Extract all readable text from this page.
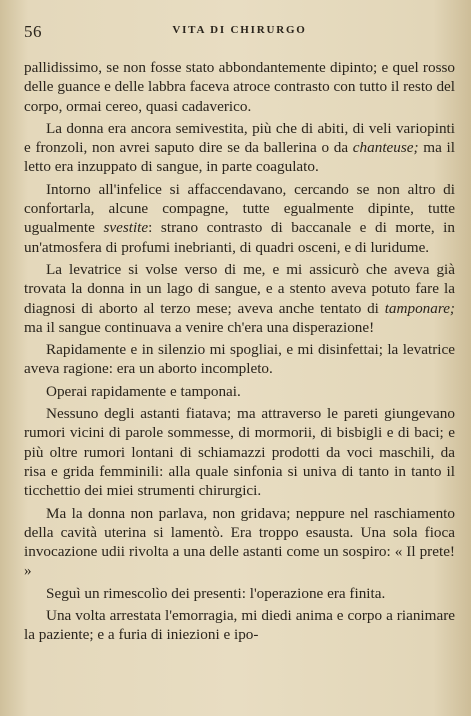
56	VITA DI CHIRURGO

pallidissimo, se non fosse stato abbondantemente dipinto; e quel rosso delle guance e delle labbra faceva atroce contrasto con tutto il resto del corpo, ormai cereo, quasi cadaverico.

La donna era ancora semivestita, più che di abiti, di veli variopinti e fronzoli, non avrei saputo dire se da ballerina o da chanteuse; ma il letto era inzuppato di sangue, in parte coagulato.

Intorno all'infelice si affaccendavano, cercando se non altro di confortarla, alcune compagne, tutte egualmente dipinte, tutte ugualmente svestite: strano contrasto di baccanale e di morte, in un'atmosfera di profumi inebrianti, di quadri osceni, e di luridume.

La levatrice si volse verso di me, e mi assicurò che aveva già trovata la donna in un lago di sangue, e a stento aveva potuto fare la diagnosi di aborto al terzo mese; aveva anche tentato di tamponare; ma il sangue continuava a venire ch'era una disperazione!

Rapidamente e in silenzio mi spogliai, e mi disinfettai; la levatrice aveva ragione: era un aborto incompleto.

Operai rapidamente e tamponai.

Nessuno degli astanti fiatava; ma attraverso le pareti giungevano rumori vicini di parole sommesse, di mormorii, di bisbigli e di baci; e più oltre rumori lontani di schiamazzi prodotti da voci maschili, da risa e grida femminili: alla quale sinfonia si univa di tanto in tanto il ticchettio dei miei strumenti chirurgici.

Ma la donna non parlava, non gridava; neppure nel raschiamento della cavità uterina si lamentò. Era troppo esausta. Una sola fioca invocazione udii rivolta a una delle astanti come un sospiro: « Il prete! »

Seguì un rimescolìo dei presenti: l'operazione era finita.

Una volta arrestata l'emorragia, mi diedi anima e corpo a rianimare la paziente; e a furia di iniezioni e ipo-
